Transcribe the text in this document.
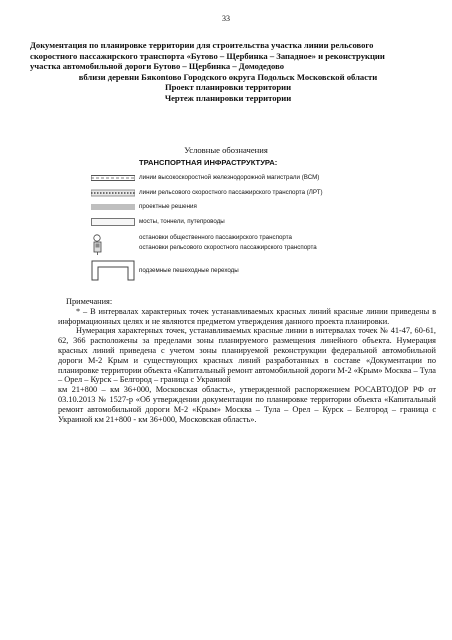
33
Документация по планировке территории для строительства участка линии рельсового
скоростного пассажирского транспорта «Бутово – Щербинка – Западное» и реконструкции
участка автомобильной дороги Бутово – Щербинка – Домодедово
вблизи деревни Бякontово Городского округа Подольск Московской области
Проект планировки территории
Чертеж планировки территории
Условные обозначения
ТРАНСПОРТНАЯ ИНФРАСТРУКТУРА:
линии высокоскоростной железнодорожной магистрали (ВСМ)
линии рельсового скоростного пассажирского транспорта (ЛРТ)
проектные решения
мосты, тоннели, путепроводы
остановки общественного пассажирского транспорта
остановки рельсового скоростного пассажирского транспорта
подземные пешеходные переходы

Примечания:

* – В интервалах характерных точек устанавливаемых красных линий красные линии приведены в информационных целях и не являются предметом утверждения данного проекта планировки.

Нумерация характерных точек, устанавливаемых красные линии в интервалах точек № 41-47, 60-61, 62, 366 расположены за пределами зоны планируемого размещения линейного объекта. Нумерация красных линий приведена с учетом зоны планируемой реконструкции федеральной автомобильной дороги М-2 Крым и существующих красных линий разработанных в составе «Документации по планировке территории объекта «Капитальный ремонт автомобильной дороги М-2 «Крым» Москва – Тула – Орел – Курск – Белгород – граница с Украиной

км 21+800 – км 36+000, Московская область», утвержденной распоряжением РОСАВТОДОР РФ от 03.10.2013 № 1527-р «Об утверждении документации по планировке территории объекта «Капитальный ремонт автомобильной дороги М-2 «Крым» Москва – Тула – Орел – Курск – Белгород – граница с Украиной км 21+800 - км 36+000, Московская область».
